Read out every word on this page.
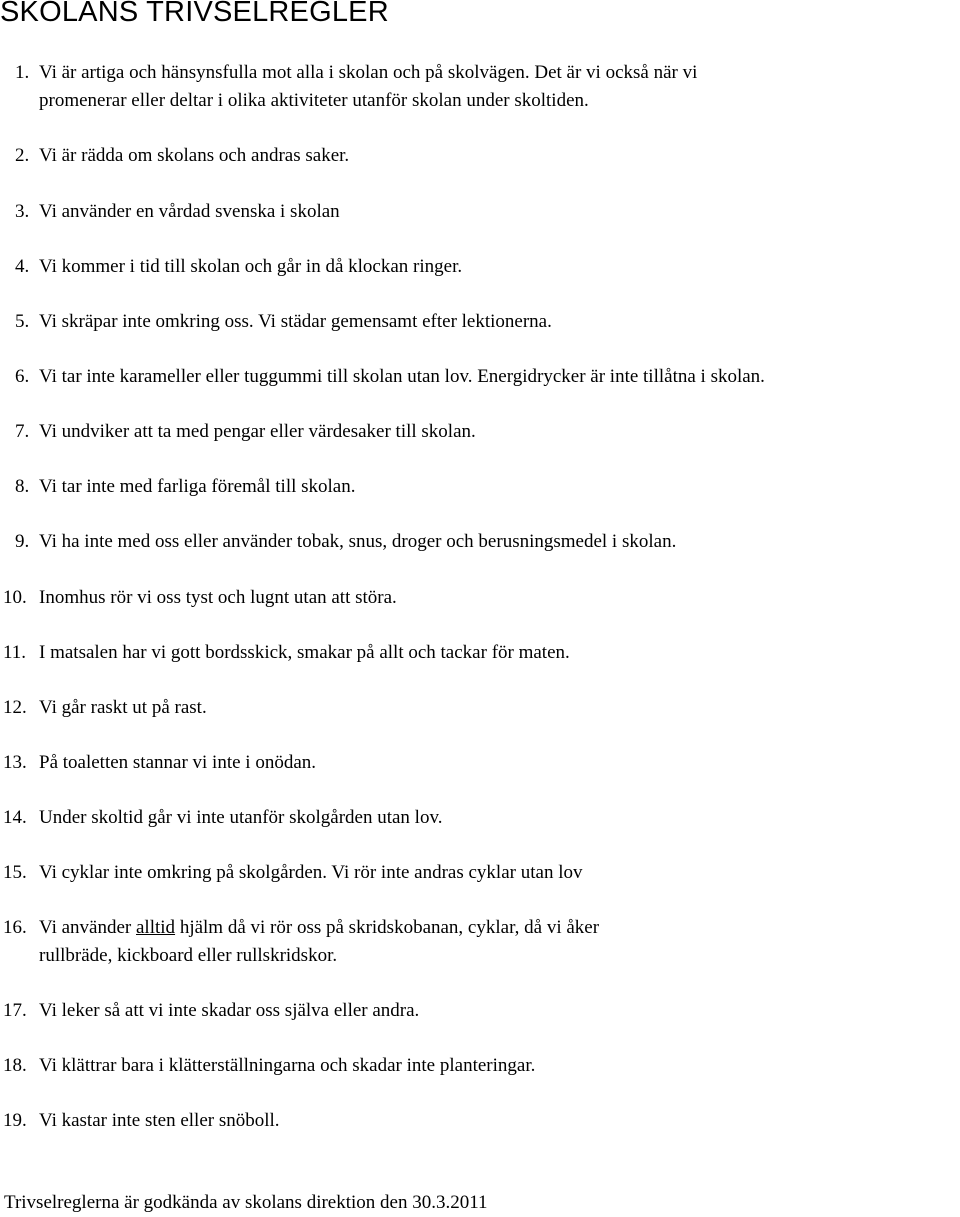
SKOLANS TRIVSELREGLER
1. Vi är artiga och hänsynsfulla mot alla i skolan och på skolvägen. Det är vi också när vi
promenerar eller deltar i olika aktiviteter utanför skolan under skoltiden.
2. Vi är rädda om skolans och andras saker.
3. Vi använder en vårdad svenska i skolan
4. Vi kommer i tid till skolan och går in då klockan ringer.
5. Vi skräpar inte omkring oss. Vi städar gemensamt efter lektionerna.
6. Vi tar inte karameller eller tuggummi till skolan utan lov. Energidrycker är inte tillåtna i skolan.
7. Vi undviker att ta med pengar eller värdesaker till skolan.
8. Vi tar inte med farliga föremål till skolan.
9. Vi ha inte med oss eller använder tobak, snus, droger och berusningsmedel i skolan.
10. Inomhus rör vi oss tyst och lugnt utan att störa.
11. I matsalen har vi gott bordsskick, smakar på allt och tackar för maten.
12. Vi går raskt ut på rast.
13. På toaletten stannar vi inte i onödan.
14. Under skoltid går vi inte utanför skolgården utan lov.
15. Vi cyklar inte omkring på skolgården. Vi rör inte andras cyklar utan lov
16. Vi använder alltid hjälm då vi rör oss på skridskobanan, cyklar, då vi åker
rullbräde, kickboard eller rullskridskor.
17. Vi leker så att vi inte skadar oss själva eller andra.
18. Vi klättrar bara i klätterställningarna och skadar inte planteringar.
19. Vi kastar inte sten eller snöboll.
Trivselreglerna är godkända av skolans direktion den 30.3.2011
